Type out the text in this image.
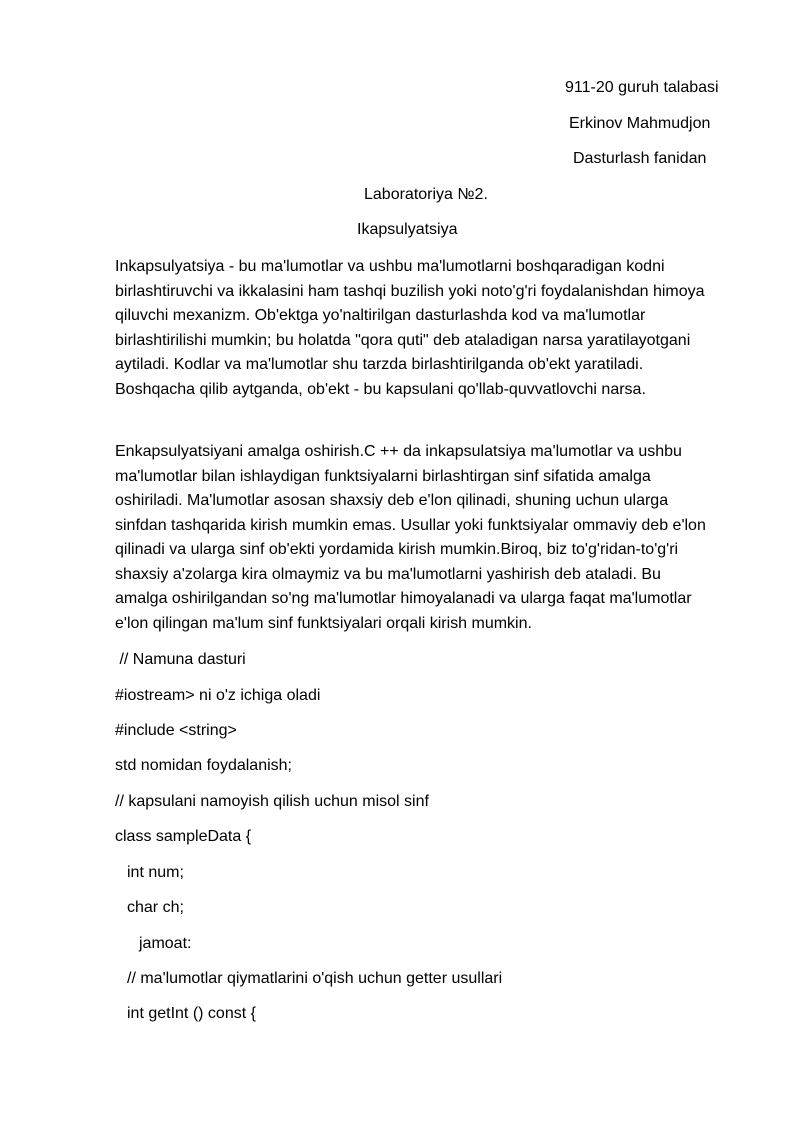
911-20 guruh talabasi
Erkinov Mahmudjon
Dasturlash fanidan
Laboratoriya №2.
Ikapsulyatsiya

Inkapsulyatsiya - bu ma'lumotlar va ushbu ma'lumotlarni boshqaradigan kodni birlashtiruvchi va ikkalasini ham tashqi buzilish yoki noto'g'ri foydalanishdan himoya qiluvchi mexanizm. Ob'ektga yo'naltirilgan dasturlashda kod va ma'lumotlar birlashtirilishi mumkin; bu holatda "qora quti" deb ataladigan narsa yaratilayotgani aytiladi. Kodlar va ma'lumotlar shu tarzda birlashtirilganda ob'ekt yaratiladi. Boshqacha qilib aytganda, ob'ekt - bu kapsulani qo'llab-quvvatlovchi narsa.

Enkapsulyatsiyani amalga oshirish.C ++ da inkapsulatsiya ma'lumotlar va ushbu ma'lumotlar bilan ishlaydigan funktsiyalarni birlashtirgan sinf sifatida amalga oshiriladi. Ma'lumotlar asosan shaxsiy deb e'lon qilinadi, shuning uchun ularga sinfdan tashqarida kirish mumkin emas. Usullar yoki funktsiyalar ommaviy deb e'lon qilinadi va ularga sinf ob'ekti yordamida kirish mumkin.Biroq, biz to'g'ridan-to'g'ri shaxsiy a'zolarga kira olmaymiz va bu ma'lumotlarni yashirish deb ataladi. Bu amalga oshirilgandan so'ng ma'lumotlar himoyalanadi va ularga faqat ma'lumotlar e'lon qilingan ma'lum sinf funktsiyalari orqali kirish mumkin.

// Namuna dasturi
#iostream> ni o'z ichiga oladi
#include <string>
std nomidan foydalanish;
// kapsulani namoyish qilish uchun misol sinf
class sampleData {
int num;
char ch;
jamoat:
// ma'lumotlar qiymatlarini o'qish uchun getter usullari
int getInt () const {
